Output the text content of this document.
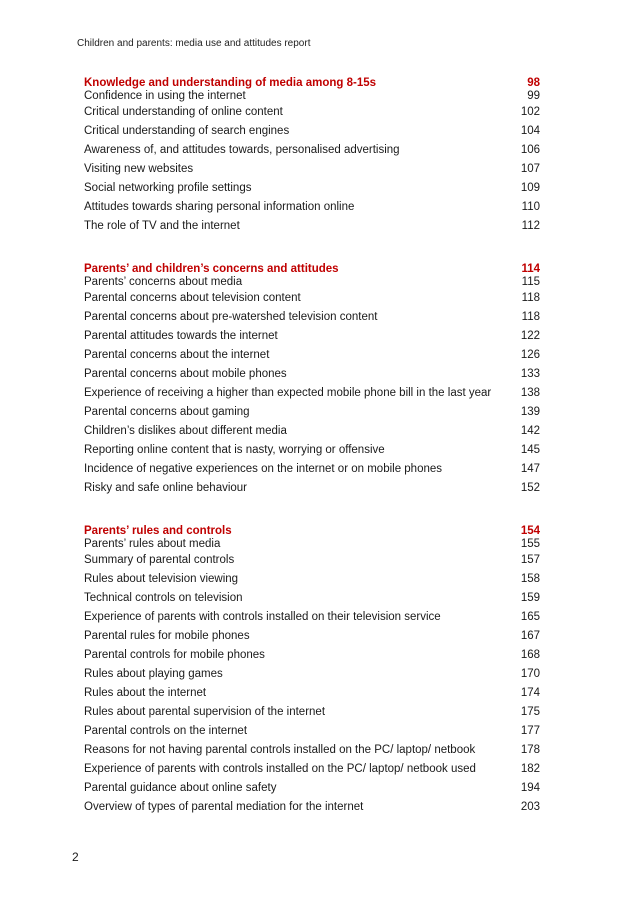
Children and parents: media use and attitudes report
Knowledge and understanding of media among 8-15s	98
Confidence in using the internet	99
Critical understanding of online content	102
Critical understanding of search engines	104
Awareness of, and attitudes towards, personalised advertising	106
Visiting new websites	107
Social networking profile settings	109
Attitudes towards sharing personal information online	110
The role of TV and the internet	112
Parents’ and children’s concerns and attitudes	114
Parents’ concerns about media	115
Parental concerns about television content	118
Parental concerns about pre-watershed television content	118
Parental attitudes towards the internet	122
Parental concerns about the internet	126
Parental concerns about mobile phones	133
Experience of receiving a higher than expected mobile phone bill in the last year	138
Parental concerns about gaming	139
Children’s dislikes about different media	142
Reporting online content that is nasty, worrying or offensive	145
Incidence of negative experiences on the internet or on mobile phones	147
Risky and safe online behaviour	152
Parents’ rules and controls	154
Parents’ rules about media	155
Summary of parental controls	157
Rules about television viewing	158
Technical controls on television	159
Experience of parents with controls installed on their television service	165
Parental rules for mobile phones	167
Parental controls for mobile phones	168
Rules about playing games	170
Rules about the internet	174
Rules about parental supervision of the internet	175
Parental controls on the internet	177
Reasons for not having parental controls installed on the PC/ laptop/ netbook	178
Experience of parents with controls installed on the PC/ laptop/ netbook used	182
Parental guidance about online safety	194
Overview of types of parental mediation for the internet	203
2
